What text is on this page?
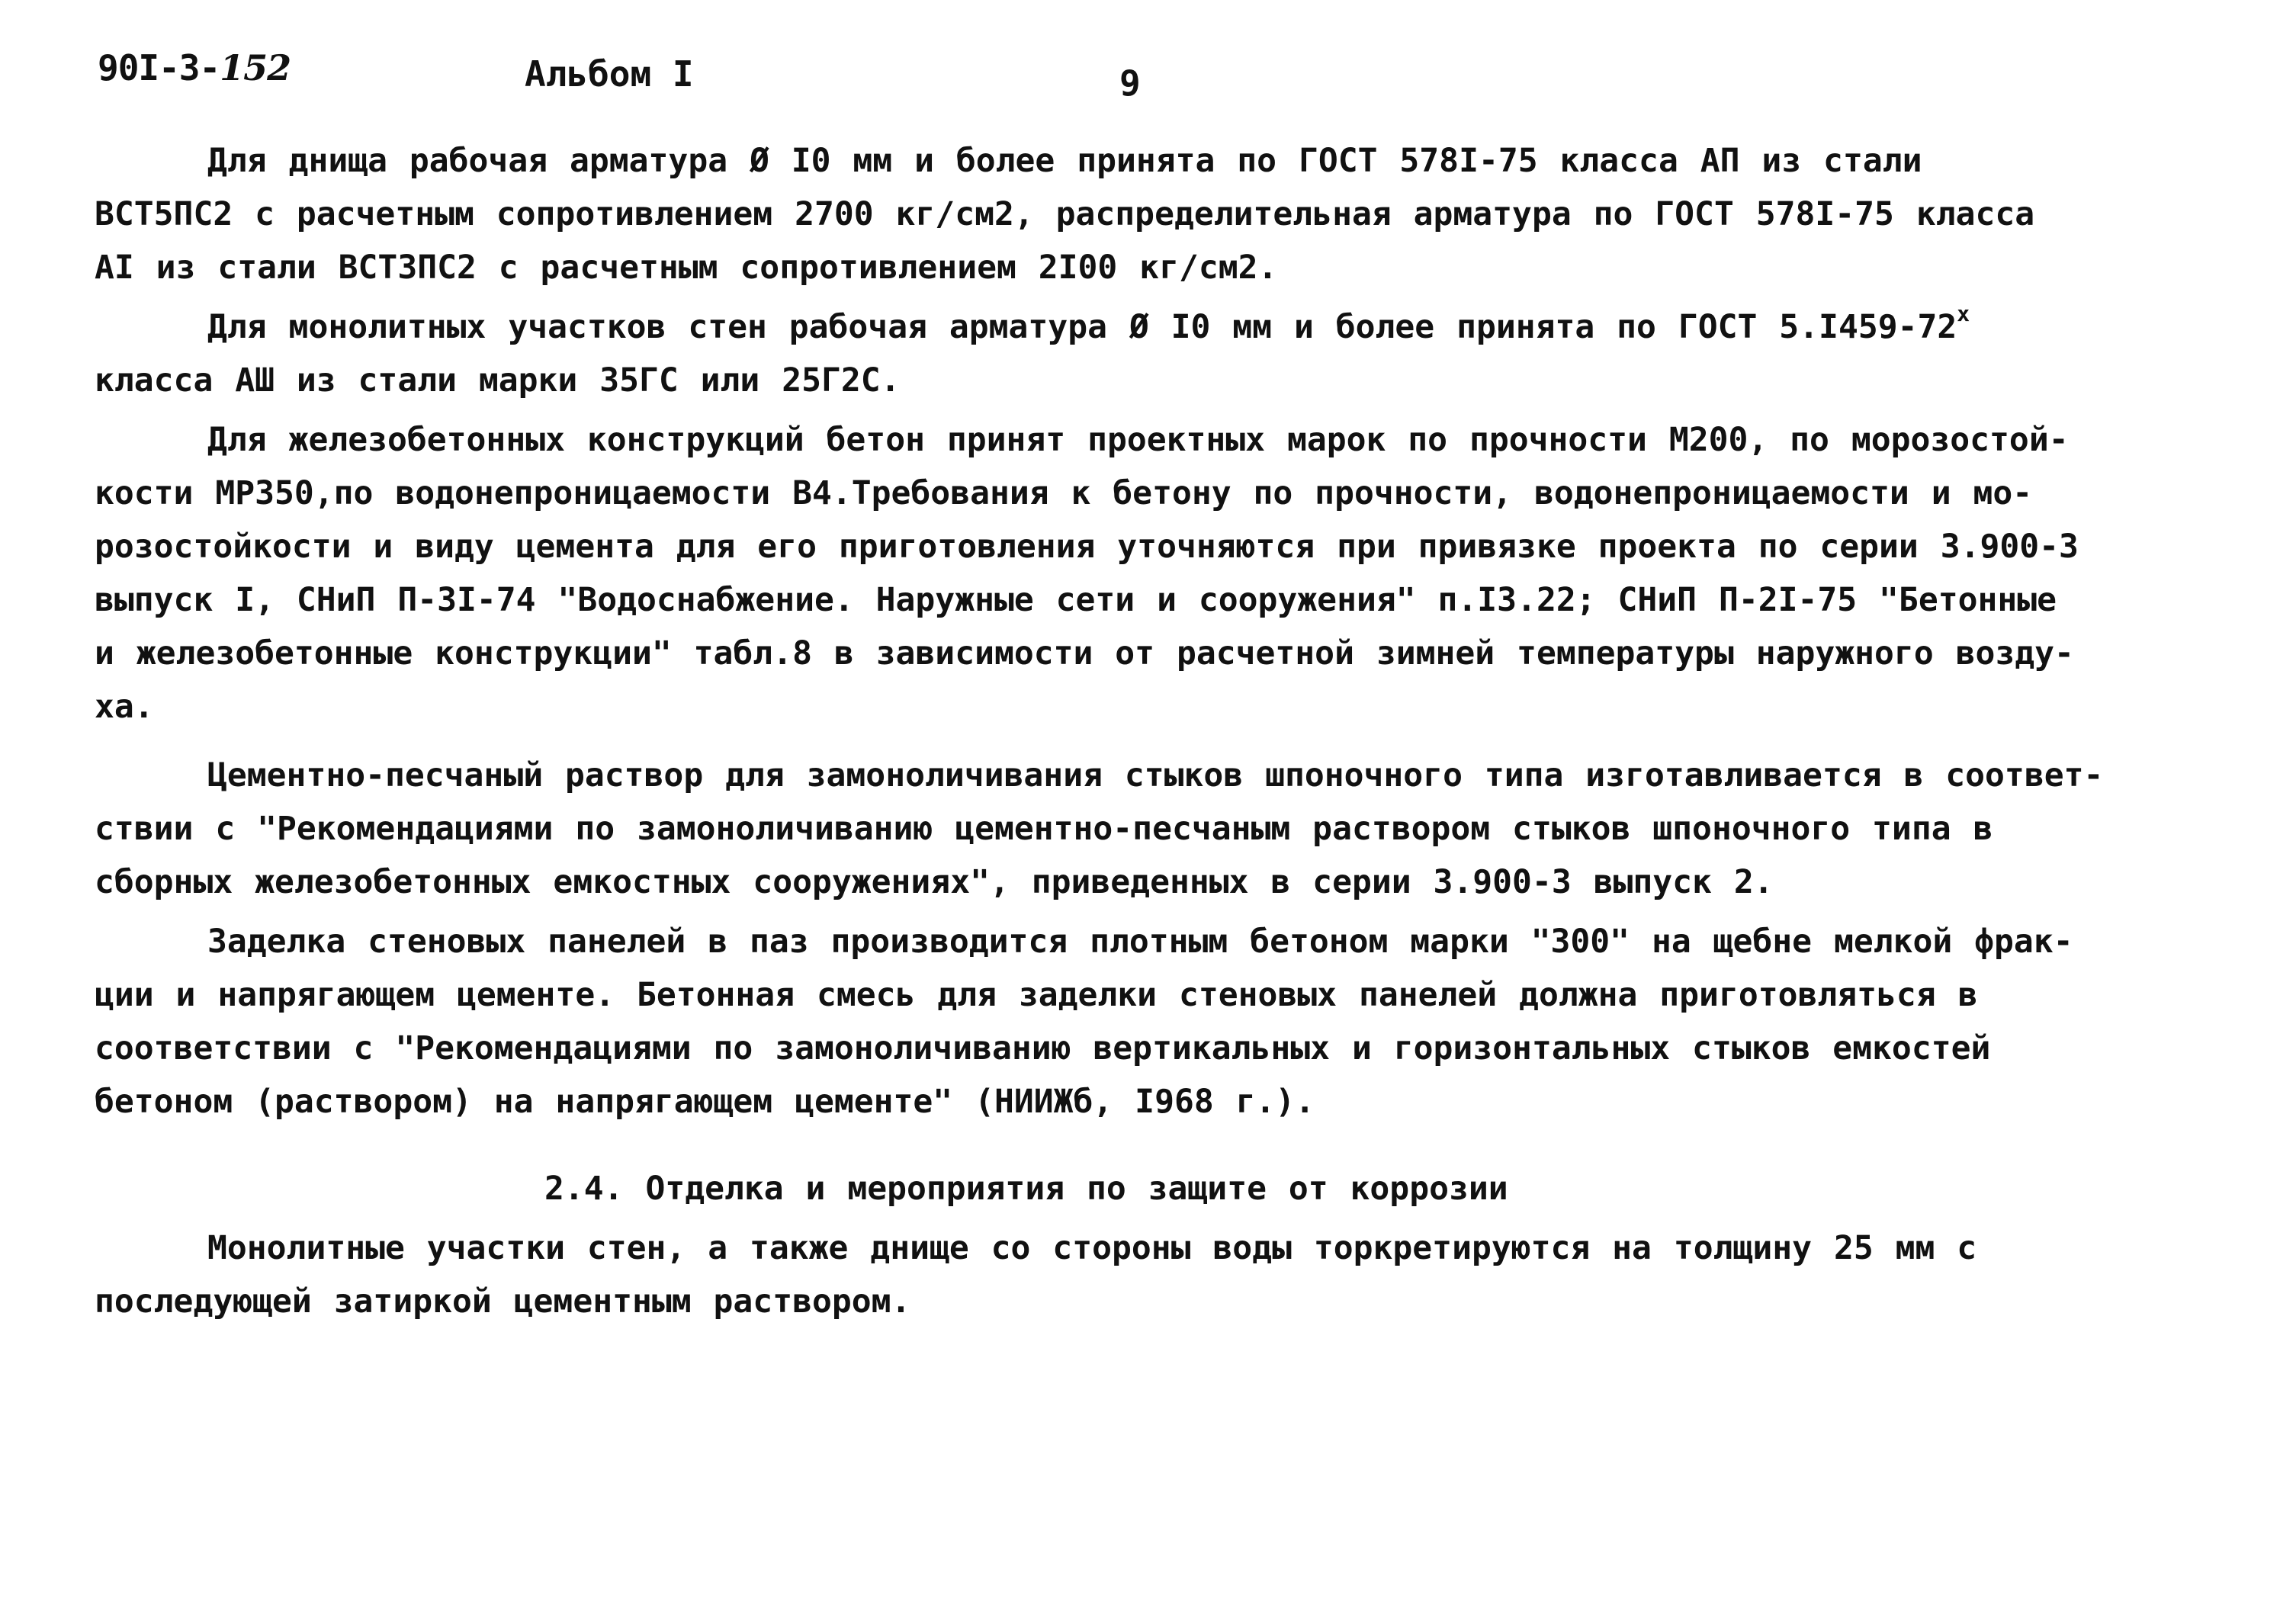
90I-3-152	Альбом I	9
Для днища рабочая арматура Ø I0 мм и более принята по ГОСТ 578I-75 класса АП из стали
ВСТ5ПС2 с расчетным сопротивлением 2700 кг/см2, распределительная арматура по ГОСТ 578I-75 класса
AI из стали ВСТ3ПС2 с расчетным сопротивлением 2I00 кг/см2.
Для монолитных участков стен рабочая арматура Ø I0 мм и более принята по ГОСТ 5.I459-72$^x$
класса АШ из стали марки 35ГС или 25Г2С.
Для железобетонных конструкций бетон принят проектных марок по прочности М200, по морозостой-
кости МРЗ50,по водонепроницаемости В4.Требования к бетону по прочности, водонепроницаемости и мо-
розостойкости и виду цемента для его приготовления уточняются при привязке проекта по серии 3.900-3
выпуск I, СНиП П-3I-74 "Водоснабжение. Наружные сети и сооружения" п.I3.22; СНиП П-2I-75 "Бетонные
и железобетонные конструкции" табл.8 в зависимости от расчетной зимней температуры наружного возду-
ха.
Цементно-песчаный раствор для замоноличивания стыков шпоночного типа изготавливается в соответ-
ствии с "Рекомендациями по замоноличиванию цементно-песчаным раствором стыков шпоночного типа в
сборных железобетонных емкостных сооружениях", приведенных в серии 3.900-3 выпуск 2.
Заделка стеновых панелей в паз производится плотным бетоном марки "300" на щебне мелкой фрак-
ции и напрягающем цементе. Бетонная смесь для заделки стеновых панелей должна приготовляться в
соответствии с "Рекомендациями по замоноличиванию вертикальных и горизонтальных стыков емкостей
бетоном (раствором) на напрягающем цементе" (НИИЖб, I968 г.).
2.4. Отделка и мероприятия по защите от коррозии
Монолитные участки стен, а также днище со стороны воды торкретируются на толщину 25 мм с
последующей затиркой цементным раствором.
